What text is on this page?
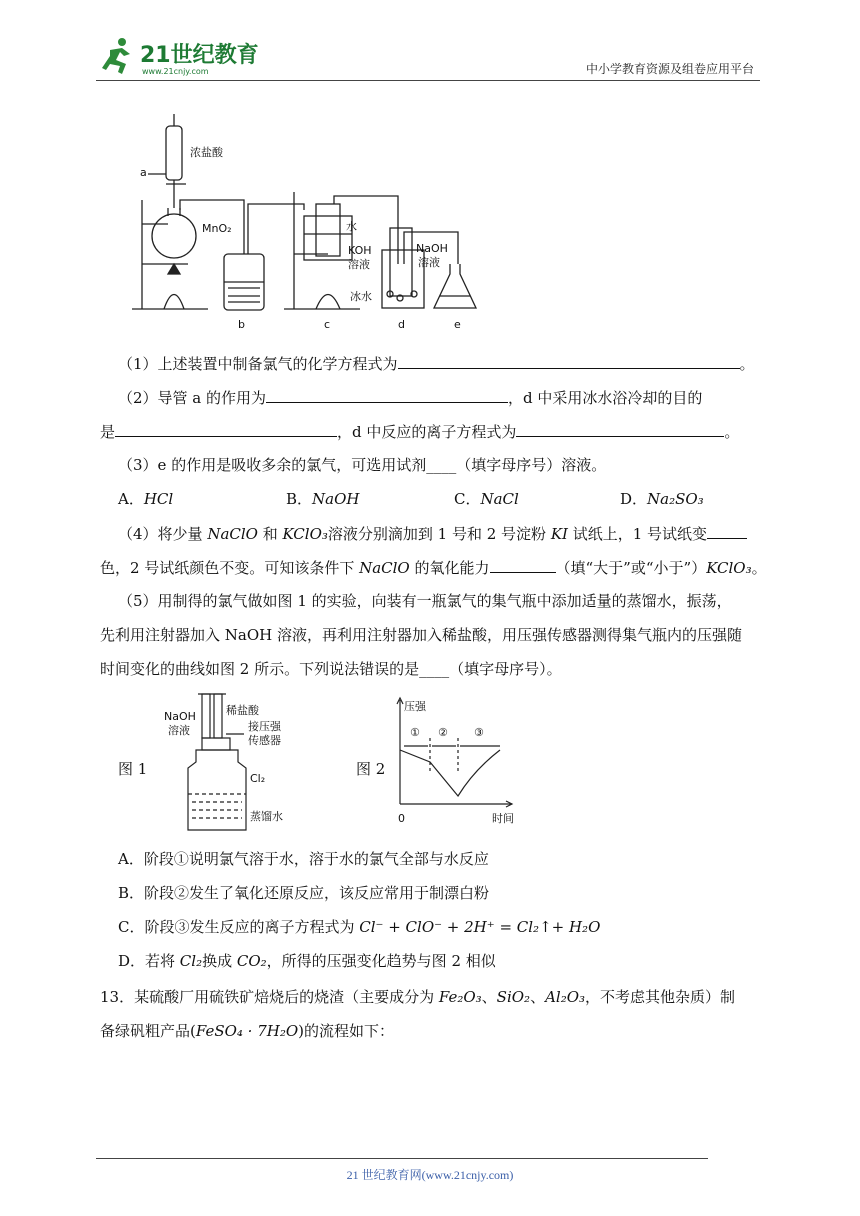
21世纪教育
www.21cnjy.com	中小学教育资源及组卷应用平台
a
浓盐酸
MnO₂	水
KOH
溶液
NaOH
溶液
冰水
b	c	d	e
（1）上述装置中制备氯气的化学方程式为	。
（2）导管 a 的作用为	，d 中采用冰水浴冷却的目的
是	，d 中反应的离子方程式为	。
（3）e 的作用是吸收多余的氯气，可选用试剂____（填字母序号）溶液。
A．HCl	B．NaOH	C．NaCl	D．Na₂SO₃
（4）将少量 NaClO 和 KClO₃溶液分别滴加到 1 号和 2 号淀粉 KI 试纸上，1 号试纸变
色，2 号试纸颜色不变。可知该条件下 NaClO 的氧化能力	（填“大于”或“小于”）KClO₃。
（5）用制得的氯气做如图 1 的实验，向装有一瓶氯气的集气瓶中添加适量的蒸馏水，振荡，
先利用注射器加入 NaOH 溶液，再利用注射器加入稀盐酸，用压强传感器测得集气瓶内的压强随
时间变化的曲线如图 2 所示。下列说法错误的是____（填字母序号）。
图 1
NaOH
溶液
稀盐酸
接压强
传感器
Cl₂
蒸馏水
图 2
压强
① ② ③
0	时间
A．阶段①说明氯气溶于水，溶于水的氯气全部与水反应
B．阶段②发生了氧化还原反应，该反应常用于制漂白粉
C．阶段③发生反应的离子方程式为 Cl⁻ + ClO⁻ + 2H⁺ = Cl₂↑+ H₂O
D．若将 Cl₂换成 CO₂，所得的压强变化趋势与图 2 相似
13．某硫酸厂用硫铁矿焙烧后的烧渣（主要成分为 Fe₂O₃、SiO₂、Al₂O₃，不考虑其他杂质）制
备绿矾粗产品(FeSO₄ · 7H₂O)的流程如下：
21 世纪教育网(www.21cnjy.com)
